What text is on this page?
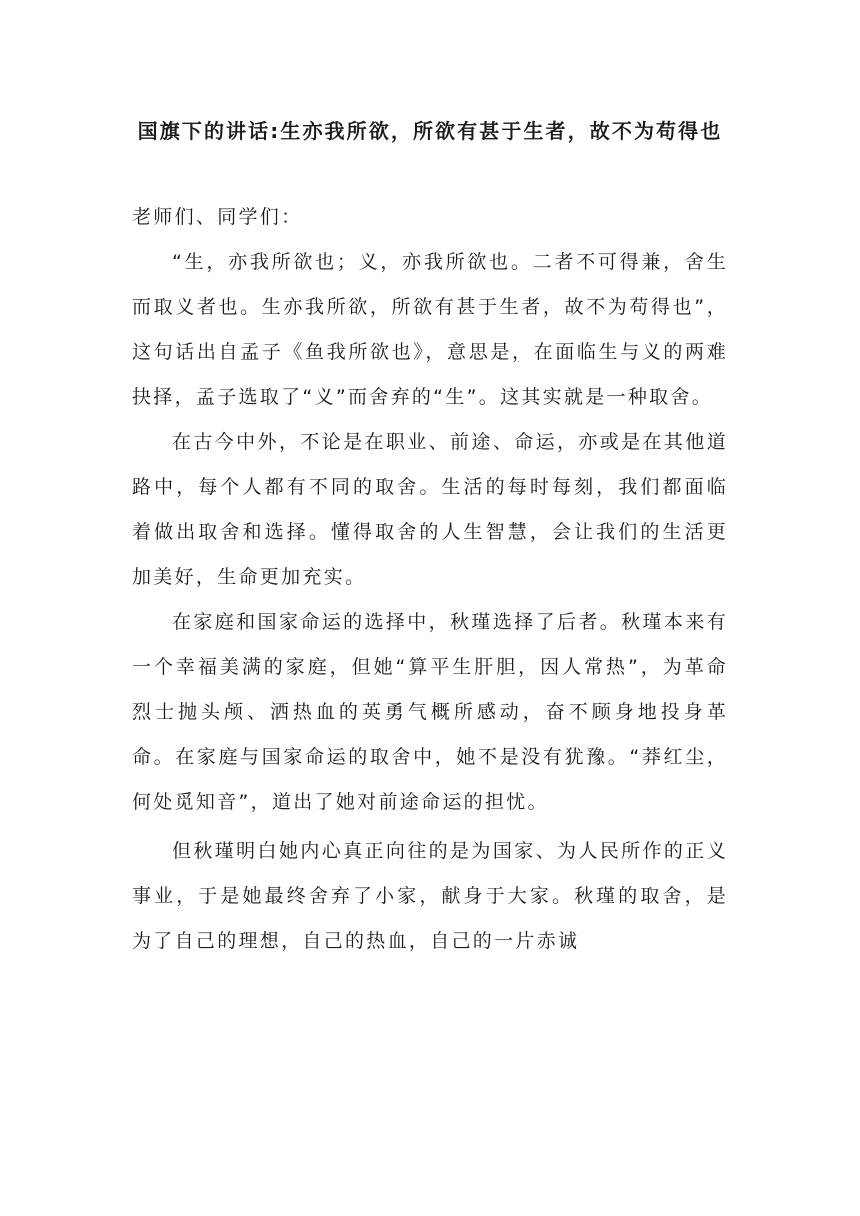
国旗下的讲话:生亦我所欲，所欲有甚于生者，故不为苟得也

老师们、同学们：

“生，亦我所欲也；义，亦我所欲也。二者不可得兼，舍生而取义者也。生亦我所欲，所欲有甚于生者，故不为苟得也”，这句话出自孟子《鱼我所欲也》，意思是，在面临生与义的两难抉择，孟子选取了“义”而舍弃的“生”。这其实就是一种取舍。

在古今中外，不论是在职业、前途、命运，亦或是在其他道路中，每个人都有不同的取舍。生活的每时每刻，我们都面临着做出取舍和选择。懂得取舍的人生智慧，会让我们的生活更加美好，生命更加充实。

在家庭和国家命运的选择中，秋瑾选择了后者。秋瑾本来有一个幸福美满的家庭，但她“算平生肝胆，因人常热”，为革命烈士抛头颅、洒热血的英勇气概所感动，奋不顾身地投身革命。在家庭与国家命运的取舍中，她不是没有犹豫。“莽红尘，何处觅知音”，道出了她对前途命运的担忧。

但秋瑾明白她内心真正向往的是为国家、为人民所作的正义事业，于是她最终舍弃了小家，献身于大家。秋瑾的取舍，是为了自己的理想，自己的热血，自己的一片赤诚
